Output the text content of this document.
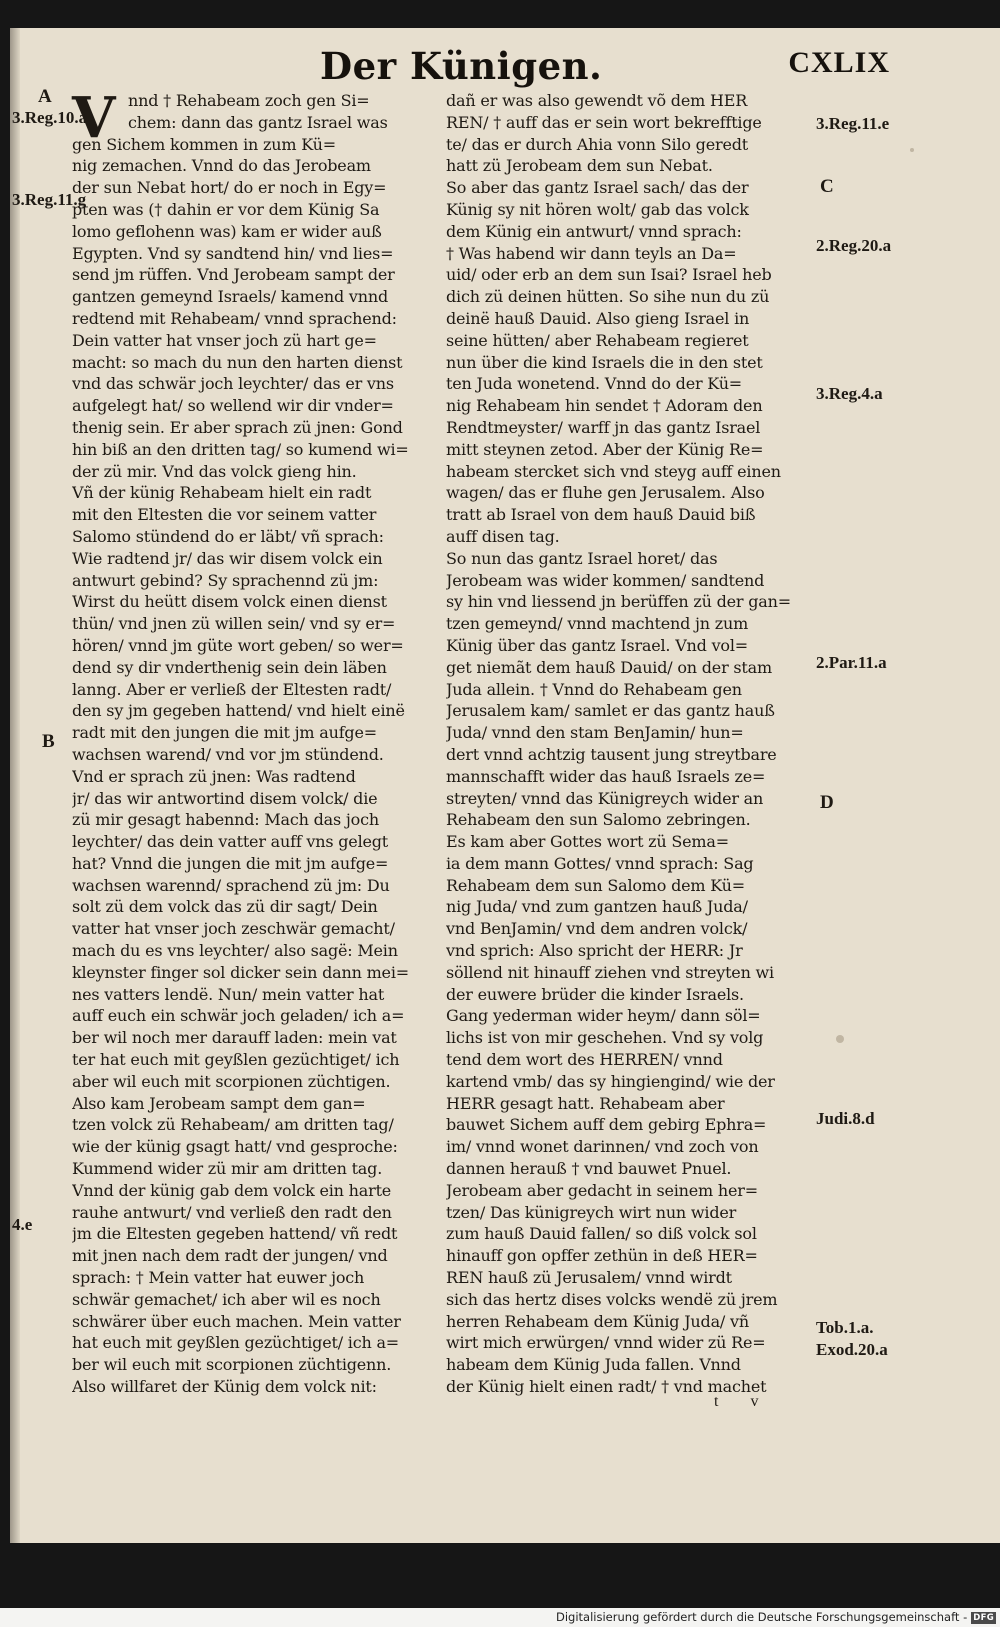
Der Künigen.	CXLIX
A
3.Reg.10.a
3.Reg.11.g
B
4.e
3.Reg.11.e
C
2.Reg.20.a
3.Reg.4.a
2.Par.11.a
D
Judi.8.d
Tob.1.a.
Exod.20.a
V nnd † Rehabeam zoch gen Si=
chem: dann das gantz Israel was
gen Sichem kommen in zum Kü=
nig zemachen. Vnnd do das Jerobeam
der sun Nebat hort/ do er noch in Egy=
pten was († dahin er vor dem Künig Sa
lomo geflohenn was) kam er wider auß
Egypten. Vnd sy sandtend hin/ vnd lies=
send jm rüffen. Vnd Jerobeam sampt der
gantzen gemeynd Israels/ kamend vnnd
redtend mit Rehabeam/ vnnd sprachend:
Dein vatter hat vnser joch zü hart ge=
macht: so mach du nun den harten dienst
vnd das schwär joch leychter/ das er vns
aufgelegt hat/ so wellend wir dir vnder=
thenig sein. Er aber sprach zü jnen: Gond
hin biß an den dritten tag/ so kumend wi=
der zü mir. Vnd das volck gieng hin.
Vñ der künig Rehabeam hielt ein radt
mit den Eltesten die vor seinem vatter
Salomo stündend do er läbt/ vñ sprach:
Wie radtend jr/ das wir disem volck ein
antwurt gebind? Sy sprachennd zü jm:
Wirst du heütt disem volck einen dienst
thün/ vnd jnen zü willen sein/ vnd sy er=
hören/ vnnd jm güte wort geben/ so wer=
dend sy dir vnderthenig sein dein läben
lanng. Aber er verließ der Eltesten radt/
den sy jm gegeben hattend/ vnd hielt einë
radt mit den jungen die mit jm aufge=
wachsen warend/ vnd vor jm stündend.
Vnd er sprach zü jnen: Was radtend
jr/ das wir antwortind disem volck/ die
zü mir gesagt habennd: Mach das joch
leychter/ das dein vatter auff vns gelegt
hat? Vnnd die jungen die mit jm aufge=
wachsen warennd/ sprachend zü jm: Du
solt zü dem volck das zü dir sagt/ Dein
vatter hat vnser joch zeschwär gemacht/
mach du es vns leychter/ also sagë: Mein
kleynster finger sol dicker sein dann mei=
nes vatters lendë. Nun/ mein vatter hat
auff euch ein schwär joch geladen/ ich a=
ber wil noch mer darauff laden: mein vat
ter hat euch mit geyßlen gezüchtiget/ ich
aber wil euch mit scorpionen züchtigen.
Also kam Jerobeam sampt dem gan=
tzen volck zü Rehabeam/ am dritten tag/
wie der künig gsagt hatt/ vnd gesproche:
Kummend wider zü mir am dritten tag.
Vnnd der künig gab dem volck ein harte
rauhe antwurt/ vnd verließ den radt den
jm die Eltesten gegeben hattend/ vñ redt
mit jnen nach dem radt der jungen/ vnd
sprach: † Mein vatter hat euwer joch
schwär gemachet/ ich aber wil es noch
schwärer über euch machen. Mein vatter
hat euch mit geyßlen gezüchtiget/ ich a=
ber wil euch mit scorpionen züchtigenn.
Also willfaret der Künig dem volck nit:
dañ er was also gewendt võ dem HER
REN/ † auff das er sein wort bekrefftige
te/ das er durch Ahia vonn Silo geredt
hatt zü Jerobeam dem sun Nebat.
So aber das gantz Israel sach/ das der
Künig sy nit hören wolt/ gab das volck
dem Künig ein antwurt/ vnnd sprach:
† Was habend wir dann teyls an Da=
uid/ oder erb an dem sun Isai? Israel heb
dich zü deinen hütten. So sihe nun du zü
deinë hauß Dauid. Also gieng Israel in
seine hütten/ aber Rehabeam regieret
nun über die kind Israels die in den stet
ten Juda wonetend. Vnnd do der Kü=
nig Rehabeam hin sendet † Adoram den
Rendtmeyster/ warff jn das gantz Israel
mitt steynen zetod. Aber der Künig Re=
habeam stercket sich vnd steyg auff einen
wagen/ das er fluhe gen Jerusalem. Also
tratt ab Israel von dem hauß Dauid biß
auff disen tag.
So nun das gantz Israel horet/ das
Jerobeam was wider kommen/ sandtend
sy hin vnd liessend jn berüffen zü der gan=
tzen gemeynd/ vnnd machtend jn zum
Künig über das gantz Israel. Vnd vol=
get niemãt dem hauß Dauid/ on der stam
Juda allein. † Vnnd do Rehabeam gen
Jerusalem kam/ samlet er das gantz hauß
Juda/ vnnd den stam BenJamin/ hun=
dert vnnd achtzig tausent jung streytbare
mannschafft wider das hauß Israels ze=
streyten/ vnnd das Künigreych wider an
Rehabeam den sun Salomo zebringen.
Es kam aber Gottes wort zü Sema=
ia dem mann Gottes/ vnnd sprach: Sag
Rehabeam dem sun Salomo dem Kü=
nig Juda/ vnd zum gantzen hauß Juda/
vnd BenJamin/ vnd dem andren volck/
vnd sprich: Also spricht der HERR: Jr
söllend nit hinauff ziehen vnd streyten wi
der euwere brüder die kinder Israels.
Gang yederman wider heym/ dann söl=
lichs ist von mir geschehen. Vnd sy volg
tend dem wort des HERREN/ vnnd
kartend vmb/ das sy hingiengind/ wie der
HERR gesagt hatt. Rehabeam aber
bauwet Sichem auff dem gebirg Ephra=
im/ vnnd wonet darinnen/ vnd zoch von
dannen herauß † vnd bauwet Pnuel.
Jerobeam aber gedacht in seinem her=
tzen/ Das künigreych wirt nun wider
zum hauß Dauid fallen/ so diß volck sol
hinauff gon opffer zethün in deß HER=
REN hauß zü Jerusalem/ vnnd wirdt
sich das hertz dises volcks wendë zü jrem
herren Rehabeam dem Künig Juda/ vñ
wirt mich erwürgen/ vnnd wider zü Re=
habeam dem Künig Juda fallen. Vnnd
der Künig hielt einen radt/ † vnd machet
t v
Digitalisierung gefördert durch die Deutsche Forschungsgemeinschaft - DFG
